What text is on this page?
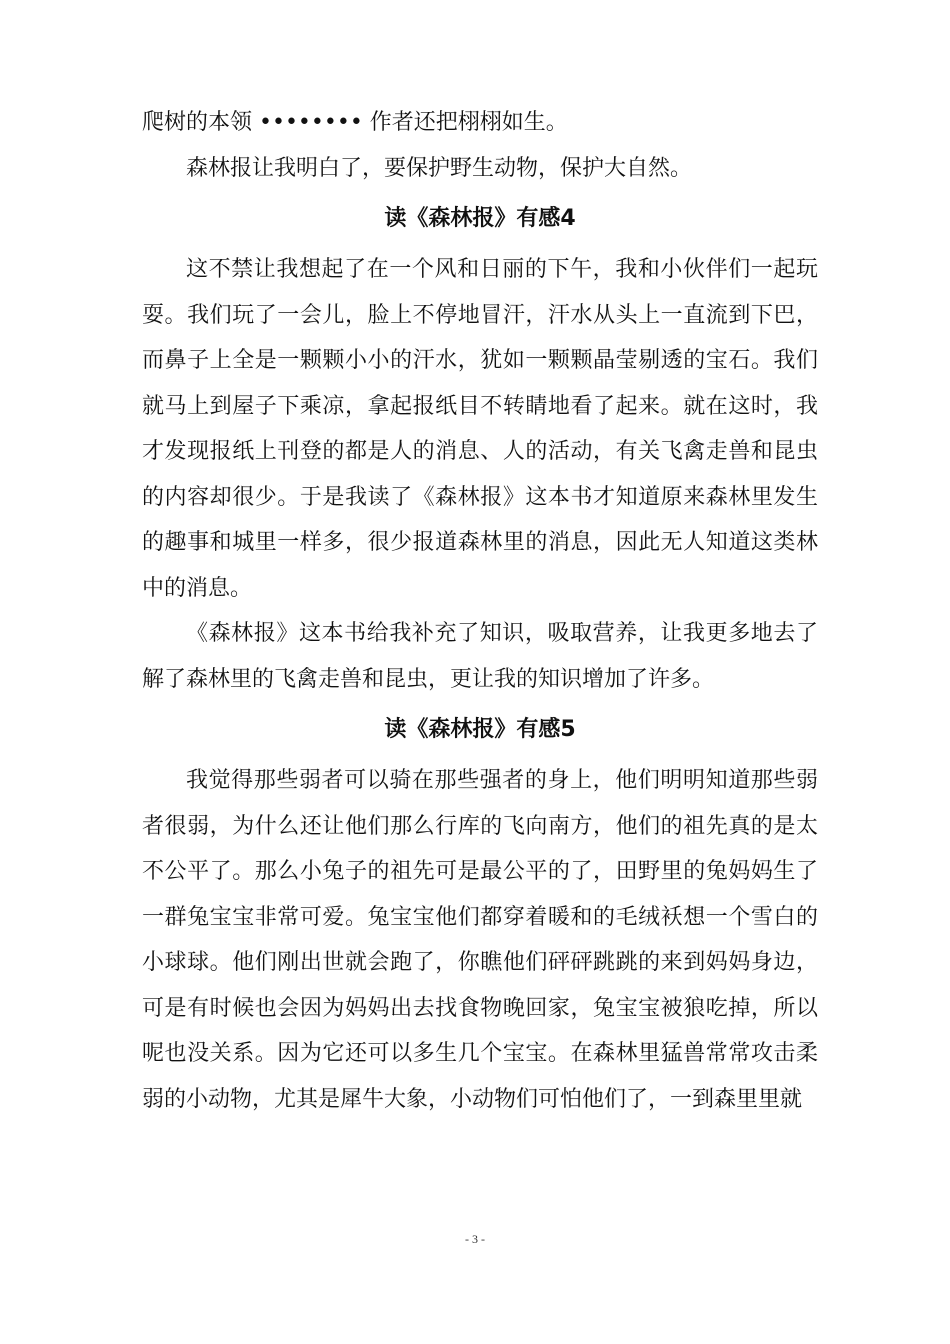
爬树的本领 •••••••• 作者还把栩栩如生。

森林报让我明白了，要保护野生动物，保护大自然。

读《森林报》有感4

这不禁让我想起了在一个风和日丽的下午，我和小伙伴们一起玩耍。我们玩了一会儿，脸上不停地冒汗，汗水从头上一直流到下巴，而鼻子上全是一颗颗小小的汗水，犹如一颗颗晶莹剔透的宝石。我们就马上到屋子下乘凉，拿起报纸目不转睛地看了起来。就在这时，我才发现报纸上刊登的都是人的消息、人的活动，有关飞禽走兽和昆虫的内容却很少。于是我读了《森林报》这本书才知道原来森林里发生的趣事和城里一样多，很少报道森林里的消息，因此无人知道这类林中的消息。

《森林报》这本书给我补充了知识，吸取营养，让我更多地去了解了森林里的飞禽走兽和昆虫，更让我的知识增加了许多。

读《森林报》有感5

我觉得那些弱者可以骑在那些强者的身上，他们明明知道那些弱者很弱，为什么还让他们那么行库的飞向南方，他们的祖先真的是太不公平了。那么小兔子的祖先可是最公平的了，田野里的兔妈妈生了一群兔宝宝非常可爱。兔宝宝他们都穿着暖和的毛绒袄想一个雪白的小球球。他们刚出世就会跑了，你瞧他们砰砰跳跳的来到妈妈身边，可是有时候也会因为妈妈出去找食物晚回家，兔宝宝被狼吃掉，所以呢也没关系。因为它还可以多生几个宝宝。在森林里猛兽常常攻击柔弱的小动物，尤其是犀牛大象，小动物们可怕他们了，一到森里里就

- 3 -
